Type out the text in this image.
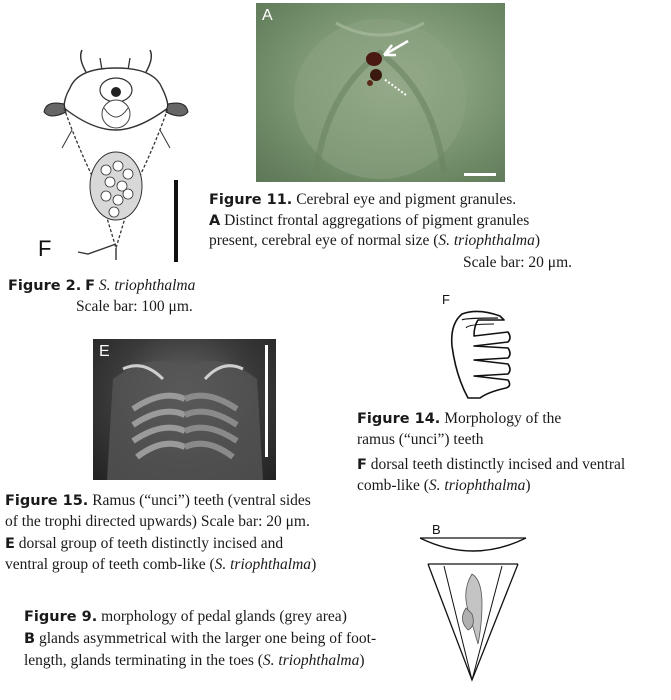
F
Figure 2. F S. triophthalma
Scale bar: 100 μm.
A
Figure 11. Cerebral eye and pigment granules.
A Distinct frontal aggregations of pigment granules
present, cerebral eye of normal size (S. triophthalma)
Scale bar: 20 μm.
F
Figure 14. Morphology of the
ramus (“unci”) teeth
F dorsal teeth distinctly incised and ventral
comb-like (S. triophthalma)
E
Figure 15. Ramus (“unci”) teeth (ventral sides
of the trophi directed upwards) Scale bar: 20 μm.
E dorsal group of teeth distinctly incised and
ventral group of teeth comb-like (S. triophthalma)
B
Figure 9. morphology of pedal glands (grey area)
B glands asymmetrical with the larger one being of foot-
length, glands terminating in the toes (S. triophthalma)
